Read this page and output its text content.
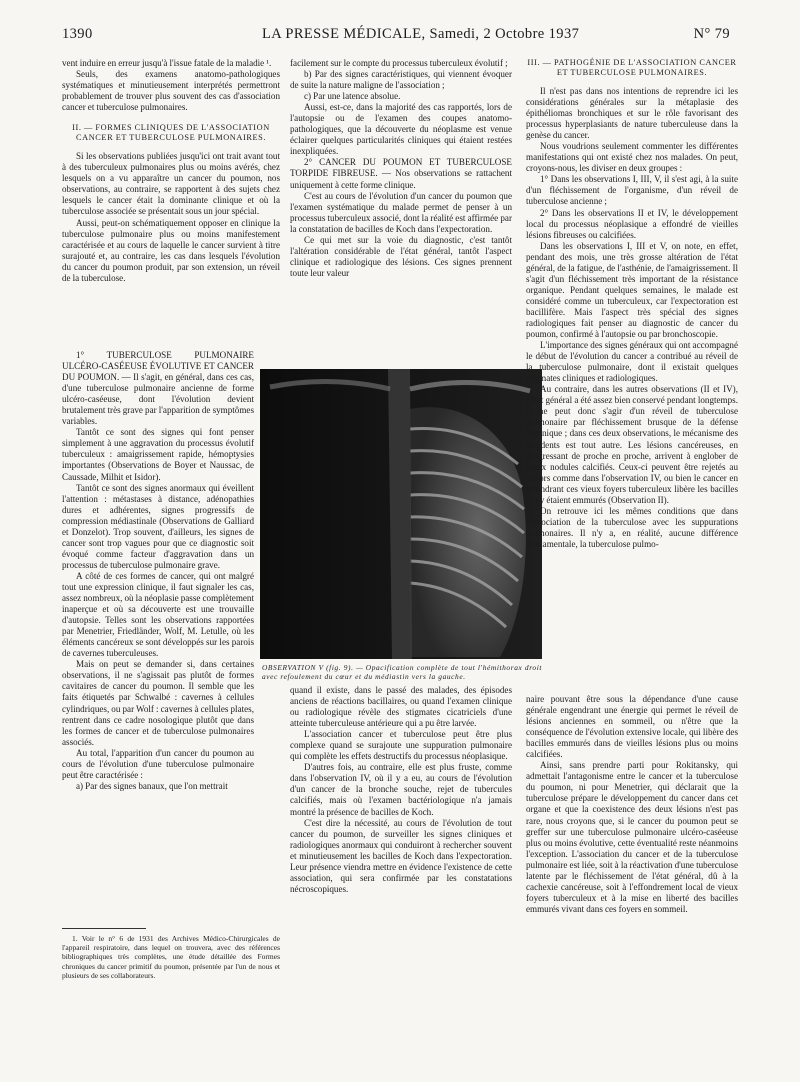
1390	LA PRESSE MÉDICALE, Samedi, 2 Octobre 1937	N° 79

vent induire en erreur jusqu'à l'issue fatale de la maladie ¹.

Seuls, des examens anatomo-pathologiques systématiques et minutieusement interprétés permettront probablement de trouver plus souvent des cas d'association cancer et tuberculose pulmonaires.

II. — FORMES CLINIQUES DE L'ASSOCIATION CANCER ET TUBERCULOSE PULMONAIRES.

Si les observations publiées jusqu'ici ont trait avant tout à des tuberculeux pulmonaires plus ou moins avérés, chez lesquels on a vu apparaître un cancer du poumon, nos observations, au contraire, se rapportent à des sujets chez lesquels le cancer était la dominante clinique et où la tuberculose associée se présentait sous un jour spécial.

Aussi, peut-on schématiquement opposer en clinique la tuberculose pulmonaire plus ou moins manifestement caractérisée et au cours de laquelle le cancer survient à titre surajouté et, au contraire, les cas dans lesquels l'évolution du cancer du poumon produit, par son extension, un réveil de la tuberculose.

1° TUBERCULOSE PULMONAIRE ULCÉRO-CASÉEUSE ÉVOLUTIVE ET CANCER DU POUMON. — Il s'agit, en général, dans ces cas, d'une tuberculose pulmonaire ancienne de forme ulcéro-caséeuse, dont l'évolution devient brutalement très grave par l'apparition de symptômes variables.

Tantôt ce sont des signes qui font penser simplement à une aggravation du processus évolutif tuberculeux : amaigrissement rapide, hémoptysies importantes (Observations de Boyer et Naussac, de Caussade, Milhit et Isidor).

Tantôt ce sont des signes anormaux qui éveillent l'attention : métastases à distance, adénopathies dures et adhérentes, signes progressifs de compression médiastinale (Observations de Galliard et Donzelot). Trop souvent, d'ailleurs, les signes de cancer sont trop vagues pour que ce diagnostic soit évoqué comme facteur d'aggravation dans un processus de tuberculose pulmonaire grave.

A côté de ces formes de cancer, qui ont malgré tout une expression clinique, il faut signaler les cas, assez nombreux, où la néoplasie passe complètement inaperçue et où sa découverte est une trouvaille d'autopsie. Telles sont les observations rapportées par Menetrier, Friedländer, Wolf, M. Letulle, où les éléments cancéreux se sont développés sur les parois de cavernes tuberculeuses.

Mais on peut se demander si, dans certaines observations, il ne s'agissait pas plutôt de formes cavitaires de cancer du poumon. Il semble que les faits étiquetés par Schwalbé : cavernes à cellules cylindriques, ou par Wolf : cavernes à cellules plates, rentrent dans ce cadre nosologique plutôt que dans les formes de cancer et de tuberculose pulmonaires associés.

Au total, l'apparition d'un cancer du poumon au cours de l'évolution d'une tuberculose pulmonaire peut être caractérisée :

a) Par des signes banaux, que l'on mettrait

facilement sur le compte du processus tuberculeux évolutif ;

b) Par des signes caractéristiques, qui viennent évoquer de suite la nature maligne de l'association ;

c) Par une latence absolue.

Aussi, est-ce, dans la majorité des cas rapportés, lors de l'autopsie ou de l'examen des coupes anatomo-pathologiques, que la découverte du néoplasme est venue éclairer quelques particularités cliniques qui étaient restées inexpliquées.

2° CANCER DU POUMON ET TUBERCULOSE TORPIDE FIBREUSE. — Nos observations se rattachent uniquement à cette forme clinique.

C'est au cours de l'évolution d'un cancer du poumon que l'examen systématique du malade permet de penser à un processus tuberculeux associé, dont la réalité est affirmée par la constatation de bacilles de Koch dans l'expectoration.

Ce qui met sur la voie du diagnostic, c'est tantôt l'altération considérable de l'état général, tantôt l'aspect clinique et radiologique des lésions. Ces signes prennent toute leur valeur

OBSERVATION V (fig. 9). — Opacification complète de tout l'hémithorax droit avec refoulement du cœur et du médiastin vers la gauche.

quand il existe, dans le passé des malades, des épisodes anciens de réactions bacillaires, ou quand l'examen clinique ou radiologique révèle des stigmates cicatriciels d'une atteinte tuberculeuse antérieure qui a pu être larvée.

L'association cancer et tuberculose peut être plus complexe quand se surajoute une suppuration pulmonaire qui complète les effets destructifs du processus néoplasique.

D'autres fois, au contraire, elle est plus fruste, comme dans l'observation IV, où il y a eu, au cours de l'évolution d'un cancer de la bronche souche, rejet de tubercules calcifiés, mais où l'examen bactériologique n'a jamais montré la présence de bacilles de Koch.

C'est dire la nécessité, au cours de l'évolution de tout cancer du poumon, de surveiller les signes cliniques et radiologiques anormaux qui conduiront à rechercher souvent et minutieusement les bacilles de Koch dans l'expectoration. Leur présence viendra mettre en évidence l'existence de cette association, qui sera confirmée par les constatations nécroscopiques.

III. — PATHOGÉNIE DE L'ASSOCIATION CANCER ET TUBERCULOSE PULMONAIRES.

Il n'est pas dans nos intentions de reprendre ici les considérations générales sur la métaplasie des épithéliomas bronchiques et sur le rôle favorisant des processus hyperplasiants de nature tuberculeuse dans la genèse du cancer.

Nous voudrions seulement commenter les différentes manifestations qui ont existé chez nos malades. On peut, croyons-nous, les diviser en deux groupes :

1° Dans les observations I, III, V, il s'est agi, à la suite d'un fléchissement de l'organisme, d'un réveil de tuberculose ancienne ;

2° Dans les observations II et IV, le développement local du processus néoplasique a effondré de vieilles lésions fibreuses ou calcifiées.

Dans les observations I, III et V, on note, en effet, pendant des mois, une très grosse altération de l'état général, de la fatigue, de l'asthénie, de l'amaigrissement. Il s'agit d'un fléchissement très important de la résistance organique. Pendant quelques semaines, le malade est considéré comme un tuberculeux, car l'expectoration est bacillifère. Mais l'aspect très spécial des signes radiologiques fait penser au diagnostic de cancer du poumon, confirmé à l'autopsie ou par bronchoscopie.

L'importance des signes généraux qui ont accompagné le début de l'évolution du cancer a contribué au réveil de la tuberculose pulmonaire, dont il existait quelques stigmates cliniques et radiologiques.

Au contraire, dans les autres observations (II et IV), l'état général a été assez bien conservé pendant longtemps. Il ne peut donc s'agir d'un réveil de tuberculose pulmonaire par fléchissement brusque de la défense organique ; dans ces deux observations, le mécanisme des accidents est tout autre. Les lésions cancéreuses, en progressant de proche en proche, arrivent à englober de vieux nodules calcifiés. Ceux-ci peuvent être rejetés au dehors comme dans l'observation IV, ou bien le cancer en effondrant ces vieux foyers tuberculeux libère les bacilles qui y étaient emmurés (Observation II).

On retrouve ici les mêmes conditions que dans l'association de la tuberculose avec les suppurations pulmonaires. Il n'y a, en réalité, aucune différence fondamentale, la tuberculose pulmo-

naire pouvant être sous la dépendance d'une cause générale engendrant une énergie qui permet le réveil de lésions anciennes en sommeil, ou n'être que la conséquence de l'évolution extensive locale, qui libère des bacilles emmurés dans de vieilles lésions plus ou moins calcifiées.

Ainsi, sans prendre parti pour Rokitansky, qui admettait l'antagonisme entre le cancer et la tuberculose du poumon, ni pour Menetrier, qui déclarait que la tuberculose prépare le développement du cancer dans cet organe et que la coexistence des deux lésions n'est pas rare, nous croyons que, si le cancer du poumon peut se greffer sur une tuberculose pulmonaire ulcéro-caséeuse plus ou moins évolutive, cette éventualité reste néanmoins l'exception. L'association du cancer et de la tuberculose pulmonaire est liée, soit à la réactivation d'une tuberculose latente par le fléchissement de l'état général, dû à la cachexie cancéreuse, soit à l'effondrement local de vieux foyers tuberculeux et à la mise en liberté des bacilles emmurés vivant dans ces foyers en sommeil.

1. Voir le n° 6 de 1931 des Archives Médico-Chirurgicales de l'appareil respiratoire, dans lequel on trouvera, avec des références bibliographiques très complètes, une étude détaillée des Formes chroniques du cancer primitif du poumon, présentée par l'un de nous et plusieurs de ses collaborateurs.
